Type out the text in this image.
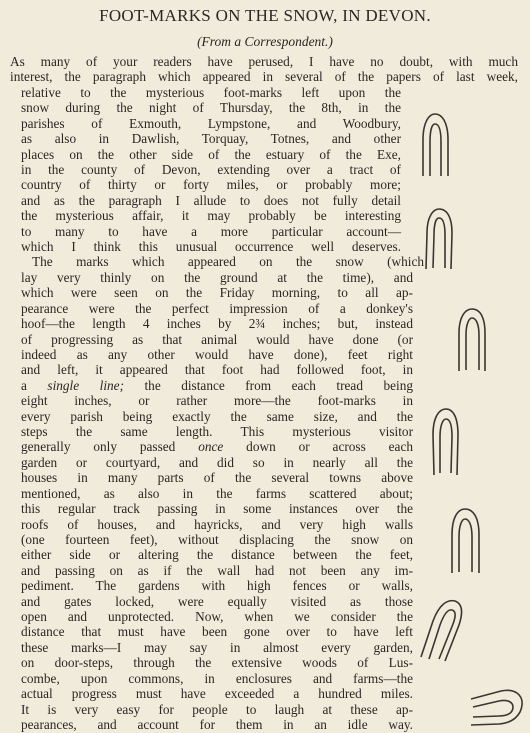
FOOT-MARKS ON THE SNOW, IN DEVON.
(From a Correspondent.)
As many of your readers have perused, I have no doubt, with much
interest, the paragraph which appeared in several of the papers of last week,
relative to the mysterious foot-marks left upon the
snow during the night of Thursday, the 8th, in the
parishes of Exmouth, Lympstone, and Woodbury,
as also in Dawlish, Torquay, Totnes, and other
places on the other side of the estuary of the Exe,
in the county of Devon, extending over a tract of
country of thirty or forty miles, or probably more;
and as the paragraph I allude to does not fully detail
the mysterious affair, it may probably be interesting
to many to have a more particular account—
which I think this unusual occurrence well deserves.
The marks which appeared on the snow (which
lay very thinly on the ground at the time), and
which were seen on the Friday morning, to all ap-
pearance were the perfect impression of a donkey's
hoof—the length 4 inches by 2¾ inches; but, instead
of progressing as that animal would have done (or
indeed as any other would have done), feet right
and left, it appeared that foot had followed foot, in
a single line; the distance from each tread being
eight inches, or rather more—the foot-marks in
every parish being exactly the same size, and the
steps the same length. This mysterious visitor
generally only passed once down or across each
garden or courtyard, and did so in nearly all the
houses in many parts of the several towns above
mentioned, as also in the farms scattered about;
this regular track passing in some instances over the
roofs of houses, and hayricks, and very high walls
(one fourteen feet), without displacing the snow on
either side or altering the distance between the feet,
and passing on as if the wall had not been any im-
pediment. The gardens with high fences or walls,
and gates locked, were equally visited as those
open and unprotected. Now, when we consider the
distance that must have been gone over to have left
these marks—I may say in almost every garden,
on door-steps, through the extensive woods of Lus-
combe, upon commons, in enclosures and farms—the
actual progress must have exceeded a hundred miles.
It is very easy for people to laugh at these ap-
pearances, and account for them in an idle way.
